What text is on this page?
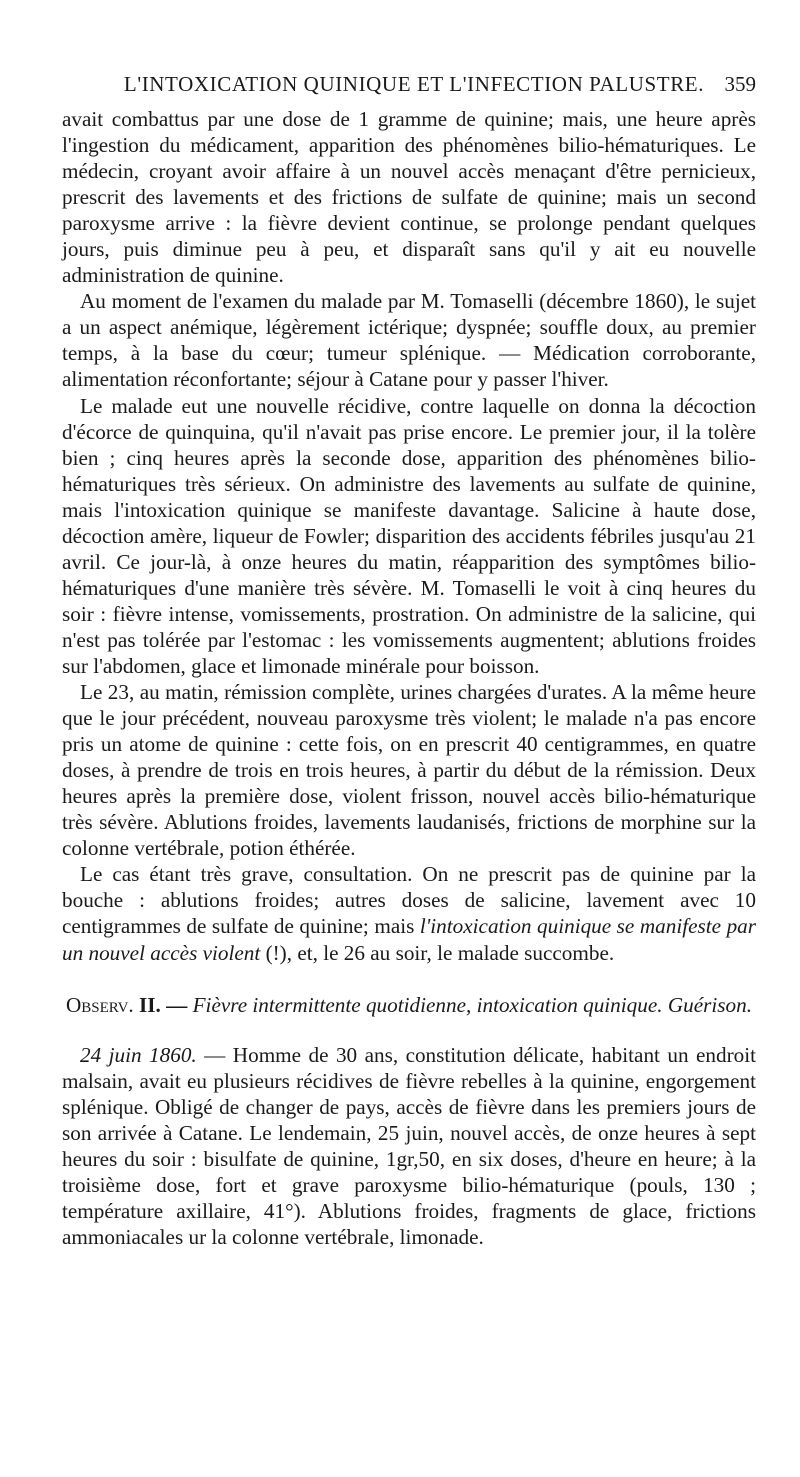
L'INTOXICATION QUINIQUE ET L'INFECTION PALUSTRE. 359

avait combattus par une dose de 1 gramme de quinine; mais, une heure après l'ingestion du médicament, apparition des phénomènes bilio-hématuriques. Le médecin, croyant avoir affaire à un nouvel accès menaçant d'être pernicieux, prescrit des lavements et des frictions de sulfate de quinine; mais un second paroxysme arrive : la fièvre devient continue, se prolonge pendant quelques jours, puis diminue peu à peu, et disparaît sans qu'il y ait eu nouvelle administration de quinine.

Au moment de l'examen du malade par M. Tomaselli (décembre 1860), le sujet a un aspect anémique, légèrement ictérique; dyspnée; souffle doux, au premier temps, à la base du cœur; tumeur splénique. — Médication corroborante, alimentation réconfortante; séjour à Catane pour y passer l'hiver.

Le malade eut une nouvelle récidive, contre laquelle on donna la décoction d'écorce de quinquina, qu'il n'avait pas prise encore. Le premier jour, il la tolère bien ; cinq heures après la seconde dose, apparition des phénomènes bilio-hématuriques très sérieux. On administre des lavements au sulfate de quinine, mais l'intoxication quinique se manifeste davantage. Salicine à haute dose, décoction amère, liqueur de Fowler; disparition des accidents fébriles jusqu'au 21 avril. Ce jour-là, à onze heures du matin, réapparition des symptômes bilio-hématuriques d'une manière très sévère. M. Tomaselli le voit à cinq heures du soir : fièvre intense, vomissements, prostration. On administre de la salicine, qui n'est pas tolérée par l'estomac : les vomissements augmentent; ablutions froides sur l'abdomen, glace et limonade minérale pour boisson.

Le 23, au matin, rémission complète, urines chargées d'urates. A la même heure que le jour précédent, nouveau paroxysme très violent; le malade n'a pas encore pris un atome de quinine : cette fois, on en prescrit 40 centigrammes, en quatre doses, à prendre de trois en trois heures, à partir du début de la rémission. Deux heures après la première dose, violent frisson, nouvel accès bilio-hématurique très sévère. Ablutions froides, lavements laudanisés, frictions de morphine sur la colonne vertébrale, potion éthérée.

Le cas étant très grave, consultation. On ne prescrit pas de quinine par la bouche : ablutions froides; autres doses de salicine, lavement avec 10 centigrammes de sulfate de quinine; mais l'intoxication quinique se manifeste par un nouvel accès violent (!), et, le 26 au soir, le malade succombe.

Observ. II. — Fièvre intermittente quotidienne, intoxication quinique. Guérison.

24 juin 1860. — Homme de 30 ans, constitution délicate, habitant un endroit malsain, avait eu plusieurs récidives de fièvre rebelles à la quinine, engorgement splénique. Obligé de changer de pays, accès de fièvre dans les premiers jours de son arrivée à Catane. Le lendemain, 25 juin, nouvel accès, de onze heures à sept heures du soir : bisulfate de quinine, 1gr,50, en six doses, d'heure en heure; à la troisième dose, fort et grave paroxysme bilio-hématurique (pouls, 130 ; température axillaire, 41°). Ablutions froides, fragments de glace, frictions ammoniacales ur la colonne vertébrale, limonade.
